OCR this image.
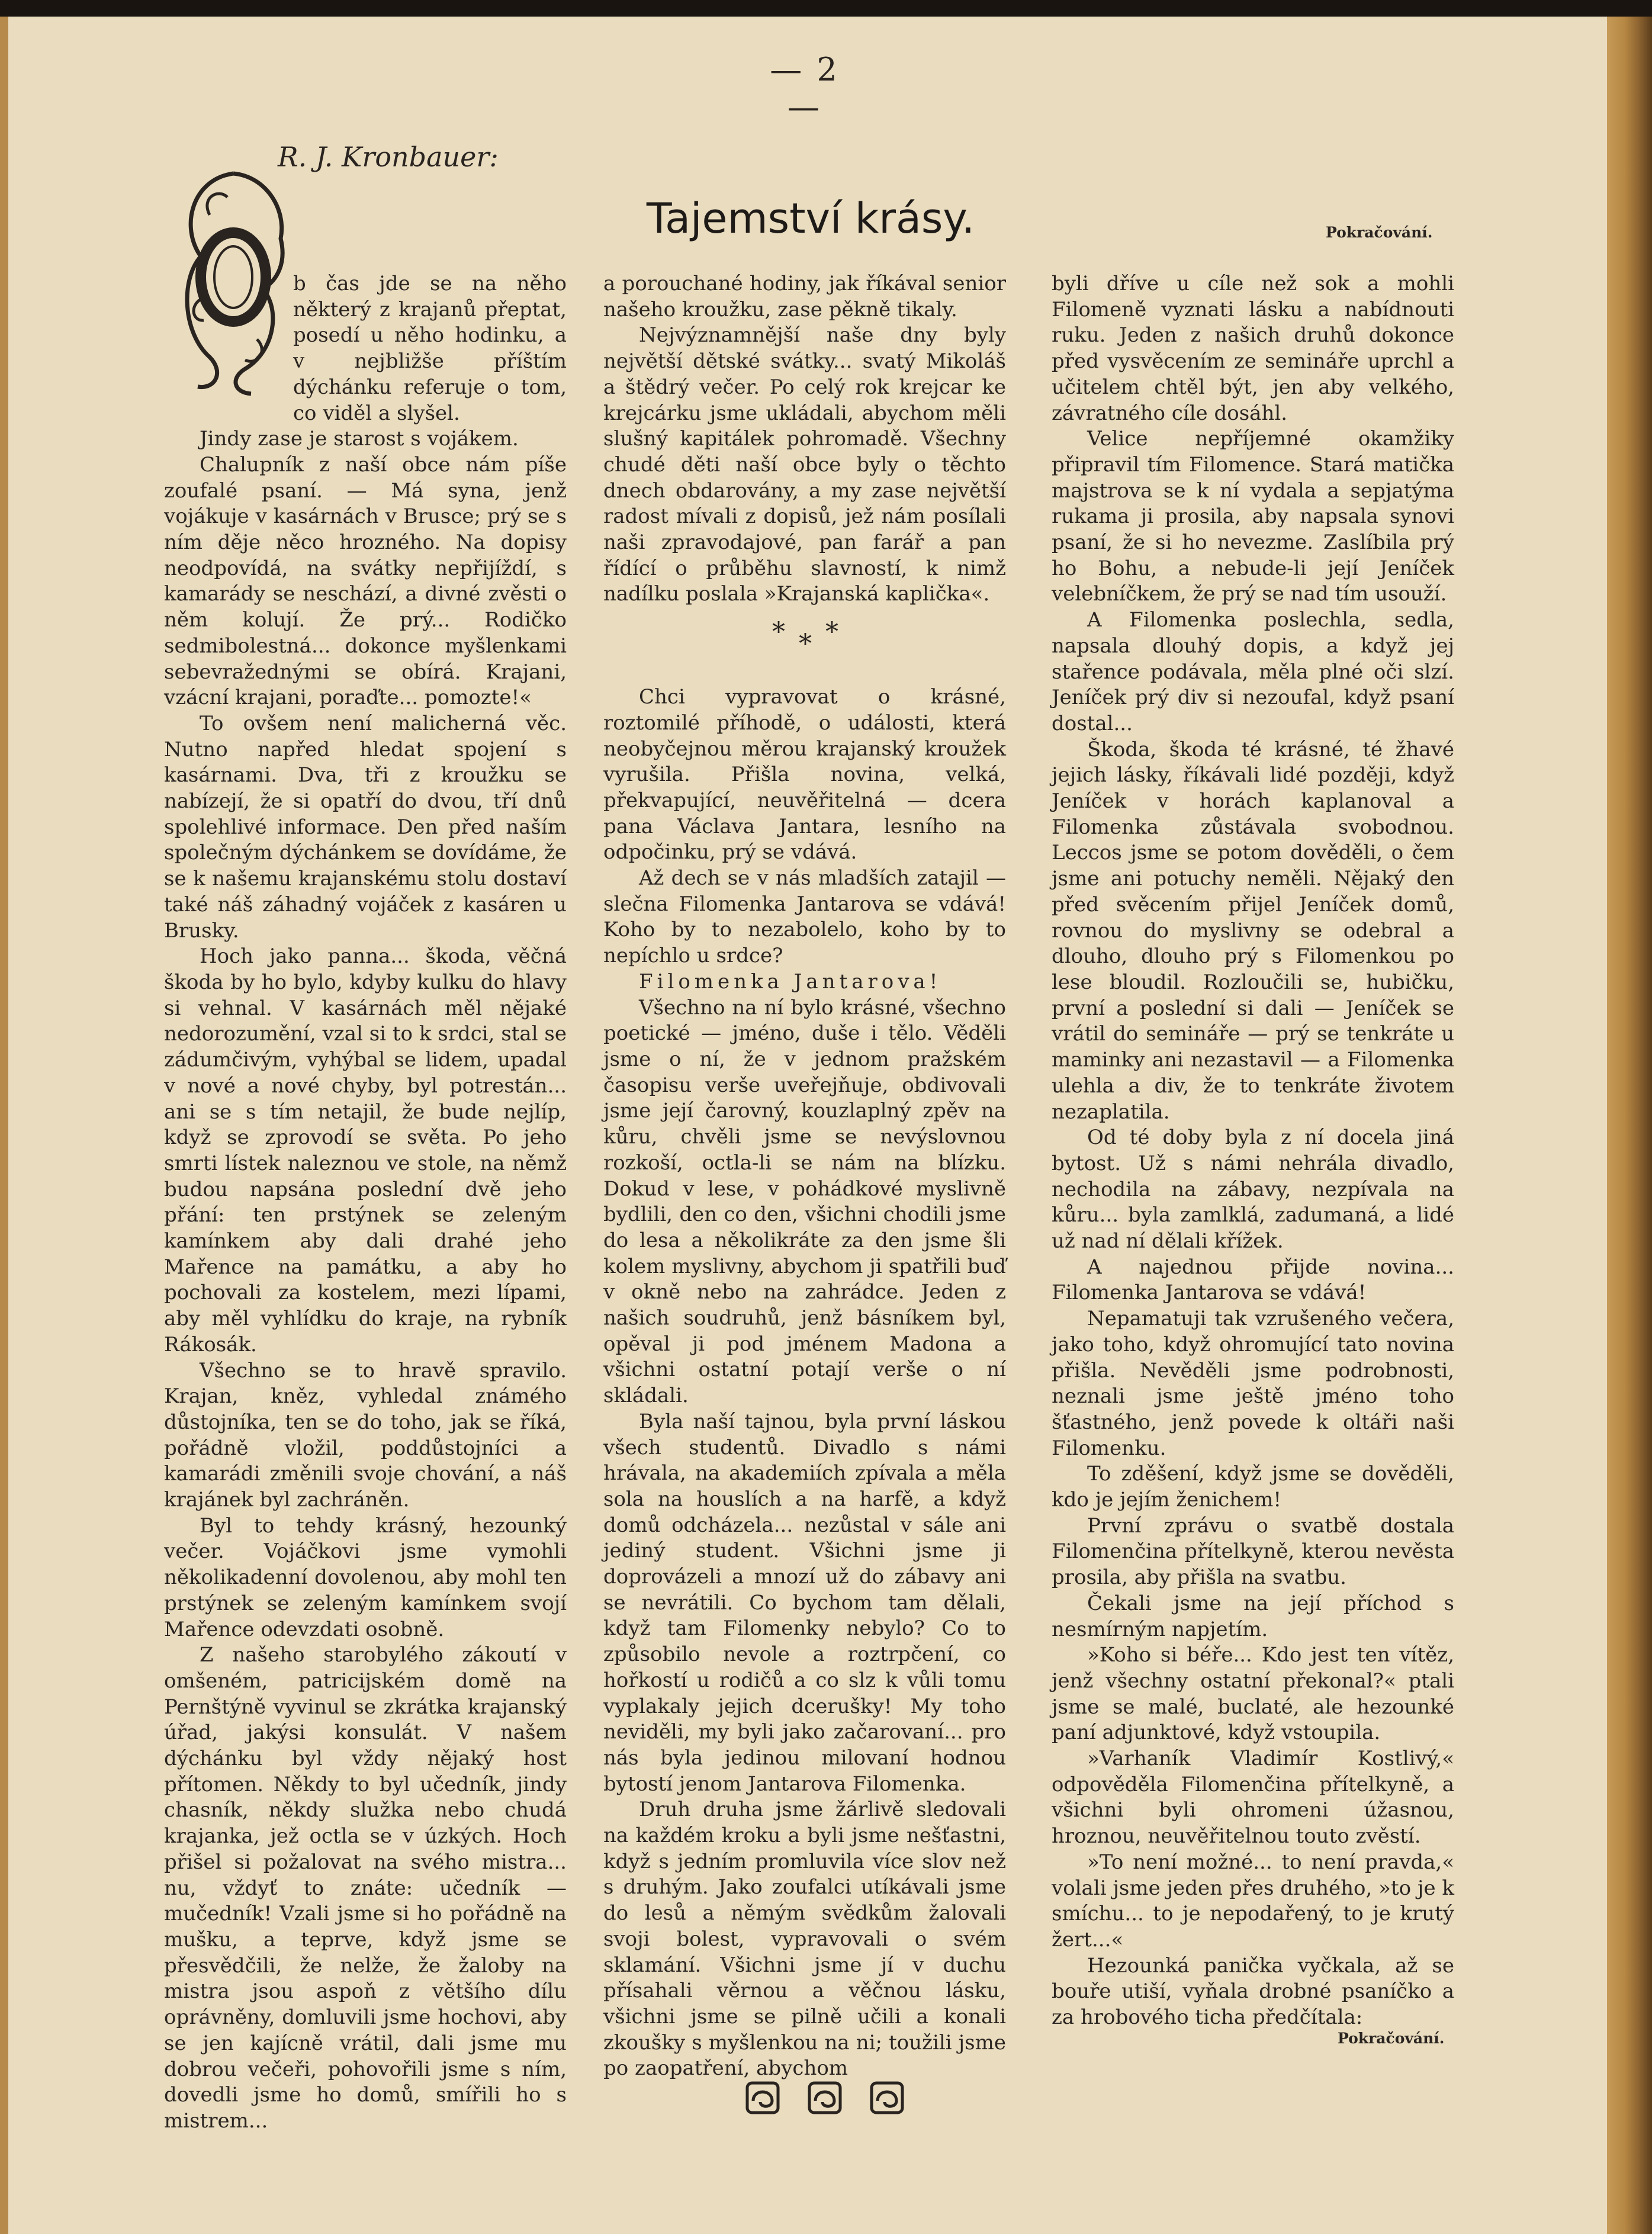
— 2 —
R. J. Kronbauer:
Tajemství krásy.	Pokračování.

b čas jde se na něho některý z krajanů přeptat, posedí u něho hodinku, a v nejbližše příštím dýchánku referuje o tom, co viděl a slyšel.

Jindy zase je starost s vojákem.

Chalupník z naší obce nám píše zoufalé psaní. — Má syna, jenž vojákuje v kasárnách v Brusce; prý se s ním děje něco hrozného. Na dopisy neodpovídá, na svátky nepřijíždí, s kamarády se neschází, a divné zvěsti o něm kolují. Že prý... Rodičko sedmibolestná... dokonce myšlenkami sebevražednými se obírá. Krajani, vzácní krajani, poraďte... pomozte!«

To ovšem není malicherná věc. Nutno napřed hledat spojení s kasárnami. Dva, tři z kroužku se nabízejí, že si opatří do dvou, tří dnů spolehlivé informace. Den před naším společným dýchánkem se dovídáme, že se k našemu krajanskému stolu dostaví také náš záhadný vojáček z kasáren u Brusky.

Hoch jako panna... škoda, věčná škoda by ho bylo, kdyby kulku do hlavy si vehnal. V kasárnách měl nějaké nedorozumění, vzal si to k srdci, stal se zádumčivým, vyhýbal se lidem, upadal v nové a nové chyby, byl potrestán... ani se s tím netajil, že bude nejlíp, když se zprovodí se světa. Po jeho smrti lístek naleznou ve stole, na němž budou napsána poslední dvě jeho přání: ten prstýnek se zeleným kamínkem aby dali drahé jeho Mařence na památku, a aby ho pochovali za kostelem, mezi lípami, aby měl vyhlídku do kraje, na rybník Rákosák.

Všechno se to hravě spravilo. Krajan, kněz, vyhledal známého důstojníka, ten se do toho, jak se říká, pořádně vložil, poddůstojníci a kamarádi změnili svoje chování, a náš krajánek byl zachráněn.

Byl to tehdy krásný, hezounký večer. Vojáčkovi jsme vymohli několikadenní dovolenou, aby mohl ten prstýnek se zeleným kamínkem svojí Mařence odevzdati osobně.

Z našeho starobylého zákoutí v omšeném, patricijském domě na Pernštýně vyvinul se zkrátka krajanský úřad, jakýsi konsulát. V našem dýchánku byl vždy nějaký host přítomen. Někdy to byl učedník, jindy chasník, někdy služka nebo chudá krajanka, jež octla se v úzkých. Hoch přišel si požalovat na svého mistra... nu, vždyť to znáte: učedník — mučedník! Vzali jsme si ho pořádně na mušku, a teprve, když jsme se přesvědčili, že nelže, že žaloby na mistra jsou aspoň z většího dílu oprávněny, domluvili jsme hochovi, aby se jen kajícně vrátil, dali jsme mu dobrou večeři, pohovořili jsme s ním, dovedli jsme ho domů, smířili ho s mistrem...

a porouchané hodiny, jak říkával senior našeho kroužku, zase pěkně tikaly.

Nejvýznamnější naše dny byly největší dětské svátky... svatý Mikoláš a štědrý večer. Po celý rok krejcar ke krejcárku jsme ukládali, abychom měli slušný kapitálek pohromadě. Všechny chudé děti naší obce byly o těchto dnech obdarovány, a my zase největší radost mívali z dopisů, jež nám posílali naši zpravodajové, pan farář a pan řídící o průběhu slavností, k nimž nadílku poslala »Krajanská kaplička«.

* * *

Chci vypravovat o krásné, roztomilé příhodě, o události, která neobyčejnou měrou krajanský kroužek vyrušila. Přišla novina, velká, překvapující, neuvěřitelná — dcera pana Václava Jantara, lesního na odpočinku, prý se vdává.

Až dech se v nás mladších zatajil — slečna Filomenka Jantarova se vdává! Koho by to nezabolelo, koho by to nepíchlo u srdce?

Filomenka Jantarova!

Všechno na ní bylo krásné, všechno poetické — jméno, duše i tělo. Věděli jsme o ní, že v jednom pražském časopisu verše uveřejňuje, obdivovali jsme její čarovný, kouzlaplný zpěv na kůru, chvěli jsme se nevýslovnou rozkoší, octla-li se nám na blízku. Dokud v lese, v pohádkové myslivně bydlili, den co den, všichni chodili jsme do lesa a několikráte za den jsme šli kolem myslivny, abychom ji spatřili buď v okně nebo na zahrádce. Jeden z našich soudruhů, jenž básníkem byl, opěval ji pod jménem Madona a všichni ostatní potají verše o ní skládali.

Byla naší tajnou, byla první láskou všech studentů. Divadlo s námi hrávala, na akademiích zpívala a měla sola na houslích a na harfě, a když domů odcházela... nezůstal v sále ani jediný student. Všichni jsme ji doprovázeli a mnozí už do zábavy ani se nevrátili. Co bychom tam dělali, když tam Filomenky nebylo? Co to způsobilo nevole a roztrpčení, co hořkostí u rodičů a co slz k vůli tomu vyplakaly jejich dcerušky! My toho neviděli, my byli jako začarovaní... pro nás byla jedinou milovaní hodnou bytostí jenom Jantarova Filomenka.

Druh druha jsme žárlivě sledovali na každém kroku a byli jsme nešťastni, když s jedním promluvila více slov než s druhým. Jako zoufalci utíkávali jsme do lesů a němým svědkům žalovali svoji bolest, vypravovali o svém sklamání. Všichni jsme jí v duchu přísahali věrnou a věčnou lásku, všichni jsme se pilně učili a konali zkoušky s myšlenkou na ni; toužili jsme po zaopatření, abychom

byli dříve u cíle než sok a mohli Filomeně vyznati lásku a nabídnouti ruku. Jeden z našich druhů dokonce před vysvěcením ze semináře uprchl a učitelem chtěl být, jen aby velkého, závratného cíle dosáhl.

Velice nepříjemné okamžiky připravil tím Filomence. Stará matička majstrova se k ní vydala a sepjatýma rukama ji prosila, aby napsala synovi psaní, že si ho nevezme. Zaslíbila prý ho Bohu, a nebude-li její Jeníček velebníčkem, že prý se nad tím usouží.

A Filomenka poslechla, sedla, napsala dlouhý dopis, a když jej stařence podávala, měla plné oči slzí. Jeníček prý div si nezoufal, když psaní dostal...

Škoda, škoda té krásné, té žhavé jejich lásky, říkávali lidé později, když Jeníček v horách kaplanoval a Filomenka zůstávala svobodnou. Leccos jsme se potom dověděli, o čem jsme ani potuchy neměli. Nějaký den před svěcením přijel Jeníček domů, rovnou do myslivny se odebral a dlouho, dlouho prý s Filomenkou po lese bloudil. Rozloučili se, hubičku, první a poslední si dali — Jeníček se vrátil do semináře — prý se tenkráte u maminky ani nezastavil — a Filomenka ulehla a div, že to tenkráte životem nezaplatila.

Od té doby byla z ní docela jiná bytost. Už s námi nehrála divadlo, nechodila na zábavy, nezpívala na kůru... byla zamlklá, zadumaná, a lidé už nad ní dělali křížek.

A najednou přijde novina... Filomenka Jantarova se vdává!

Nepamatuji tak vzrušeného večera, jako toho, když ohromující tato novina přišla. Nevěděli jsme podrobnosti, neznali jsme ještě jméno toho šťastného, jenž povede k oltáři naši Filomenku.

To zděšení, když jsme se dověděli, kdo je jejím ženichem!

První zprávu o svatbě dostala Filomenčina přítelkyně, kterou nevěsta prosila, aby přišla na svatbu.

Čekali jsme na její příchod s nesmírným napjetím.

»Koho si béře... Kdo jest ten vítěz, jenž všechny ostatní překonal?« ptali jsme se malé, buclaté, ale hezounké paní adjunktové, když vstoupila.

»Varhaník Vladimír Kostlivý,« odpověděla Filomenčina přítelkyně, a všichni byli ohromeni úžasnou, hroznou, neuvěřitelnou touto zvěstí.

»To není možné... to není pravda,« volali jsme jeden přes druhého, »to je k smíchu... to je nepodařený, to je krutý žert...«

Hezounká panička vyčkala, až se bouře utiší, vyňala drobné psaníčko a za hrobového ticha předčítala:

Pokračování.
